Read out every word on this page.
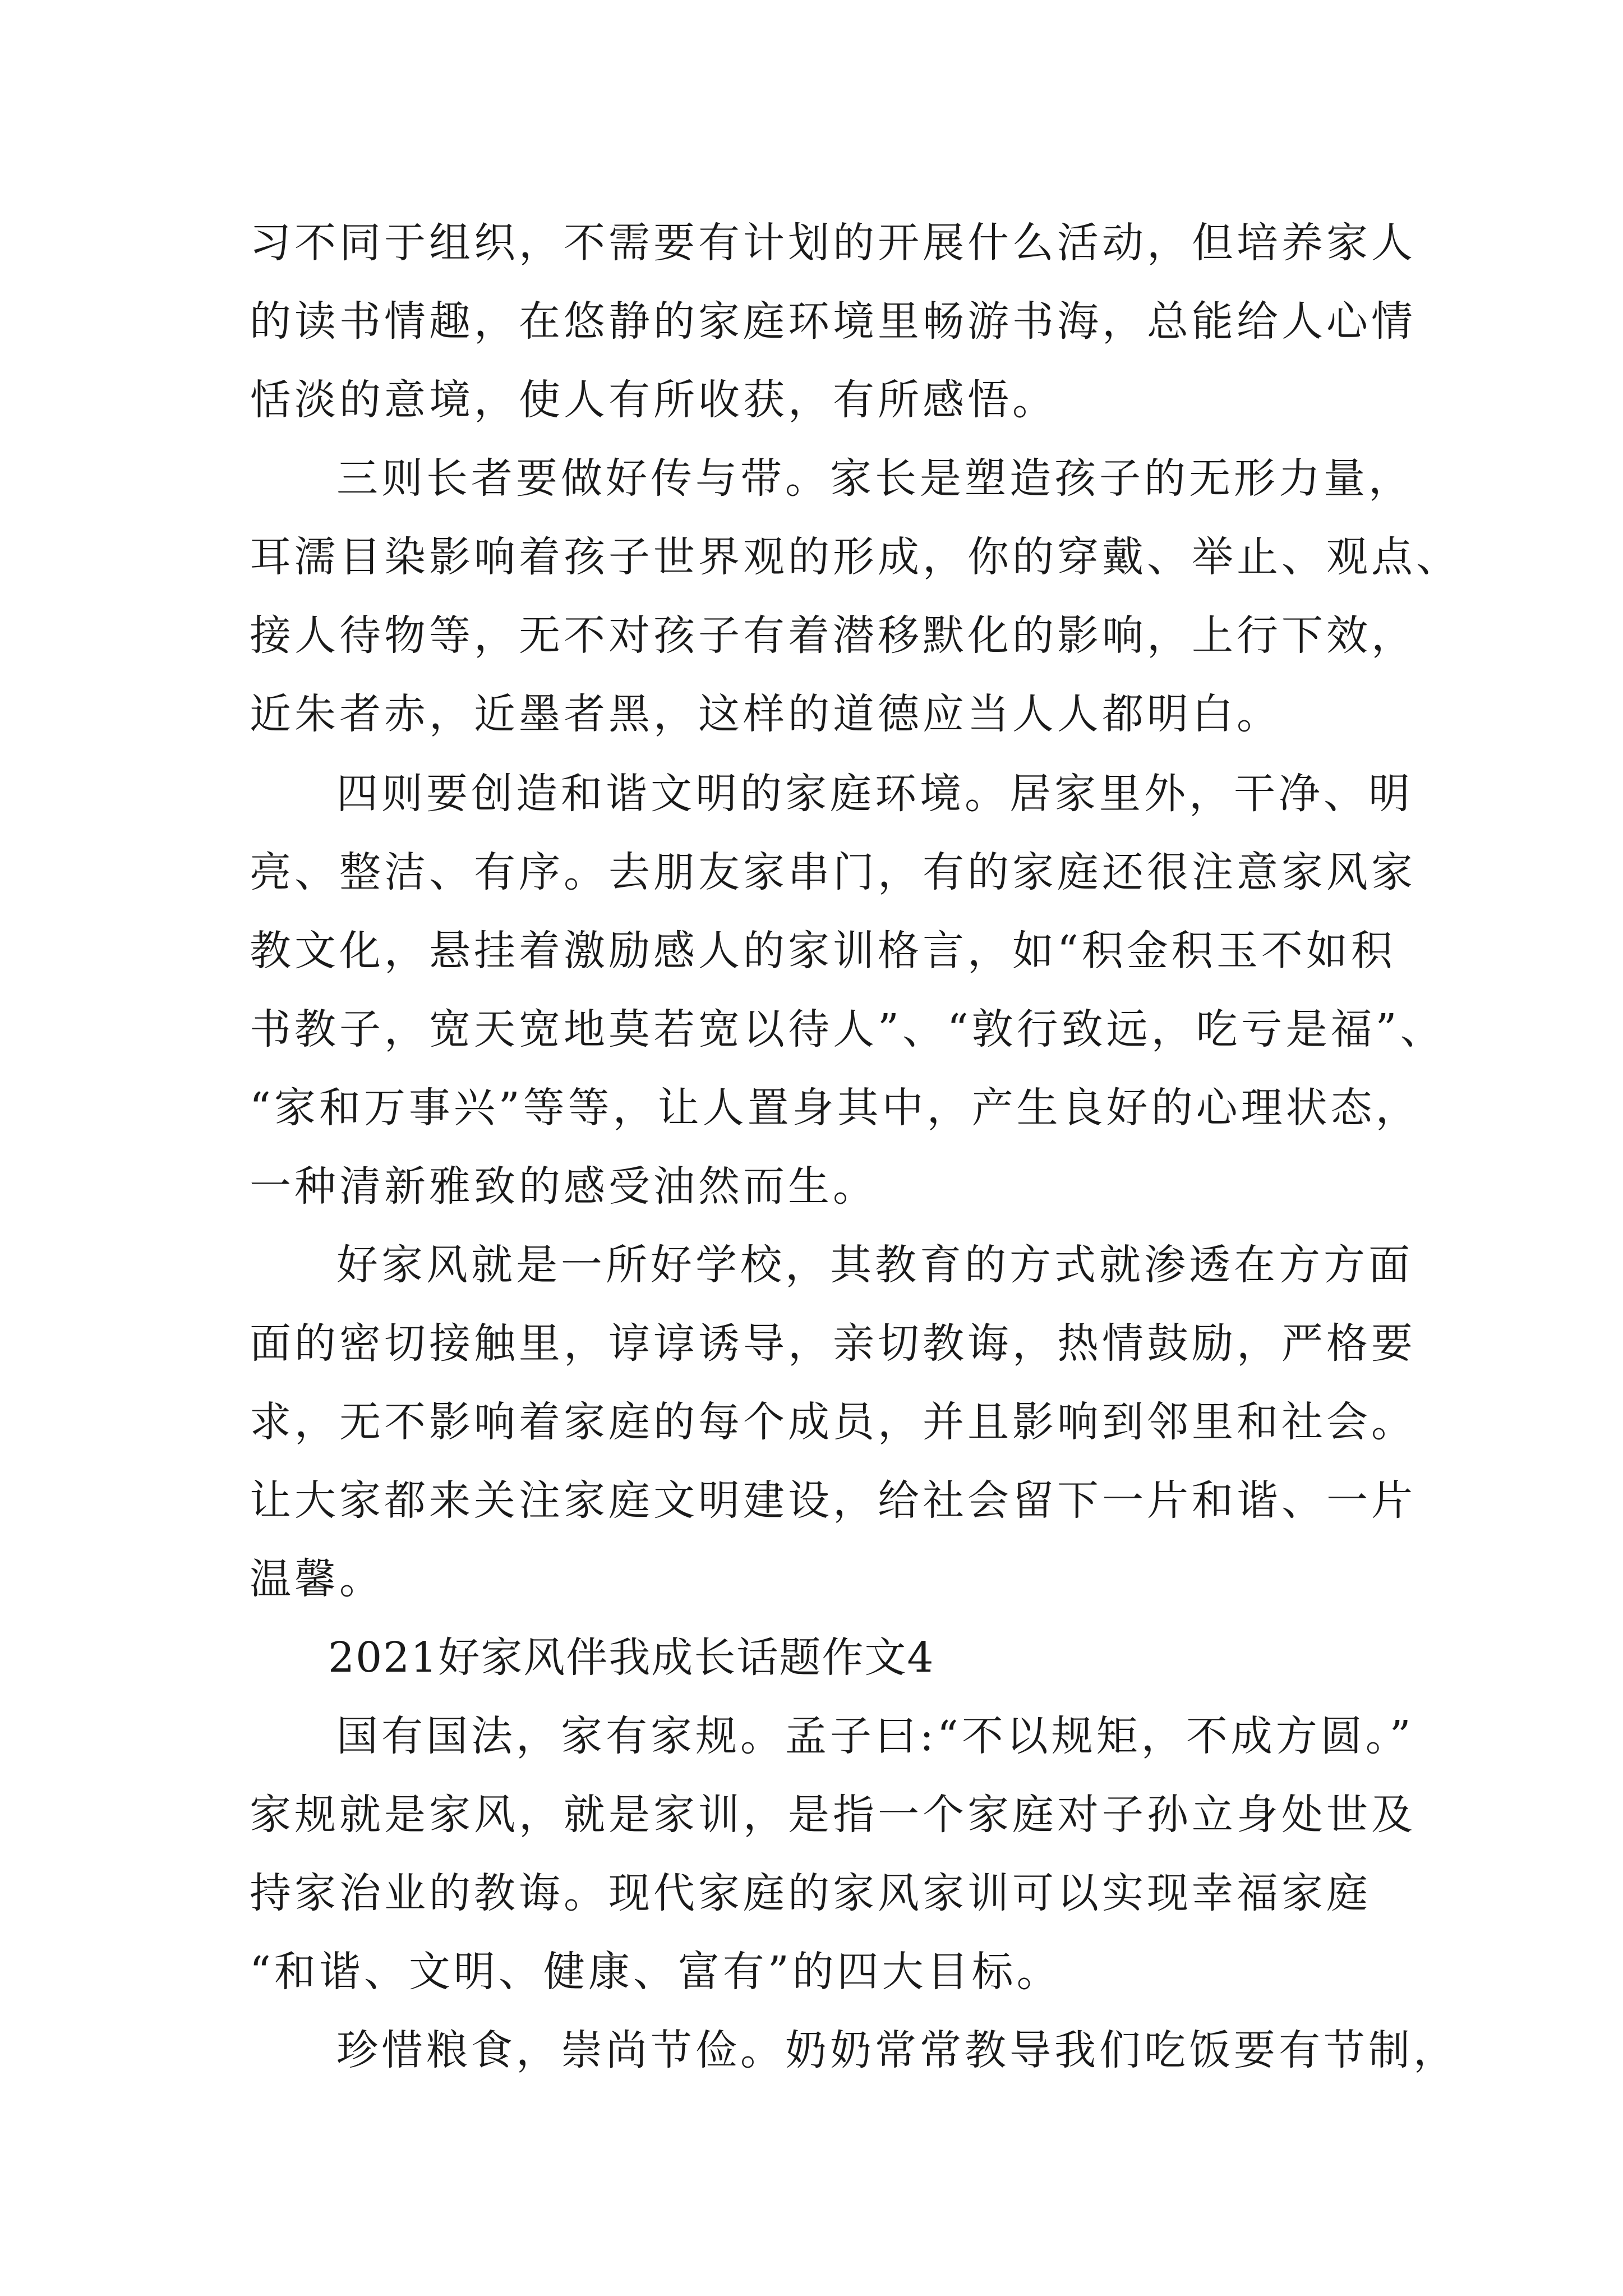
习不同于组织，不需要有计划的开展什么活动，但培养家人
的读书情趣，在悠静的家庭环境里畅游书海，总能给人心情
恬淡的意境，使人有所收获，有所感悟。
三则长者要做好传与带。家长是塑造孩子的无形力量，
耳濡目染影响着孩子世界观的形成，你的穿戴、举止、观点、
接人待物等，无不对孩子有着潜移默化的影响，上行下效，
近朱者赤，近墨者黑，这样的道德应当人人都明白。
四则要创造和谐文明的家庭环境。居家里外，干净、明
亮、整洁、有序。去朋友家串门，有的家庭还很注意家风家
教文化，悬挂着激励感人的家训格言，如“积金积玉不如积
书教子，宽天宽地莫若宽以待人”、“敦行致远，吃亏是福”、
“家和万事兴”等等，让人置身其中，产生良好的心理状态，
一种清新雅致的感受油然而生。
好家风就是一所好学校，其教育的方式就渗透在方方面
面的密切接触里，谆谆诱导，亲切教诲，热情鼓励，严格要
求，无不影响着家庭的每个成员，并且影响到邻里和社会。
让大家都来关注家庭文明建设，给社会留下一片和谐、一片
温馨。
2021好家风伴我成长话题作文4
国有国法，家有家规。孟子曰:“不以规矩，不成方圆。”
家规就是家风，就是家训，是指一个家庭对子孙立身处世及
持家治业的教诲。现代家庭的家风家训可以实现幸福家庭
“和谐、文明、健康、富有”的四大目标。
珍惜粮食，崇尚节俭。奶奶常常教导我们吃饭要有节制，
